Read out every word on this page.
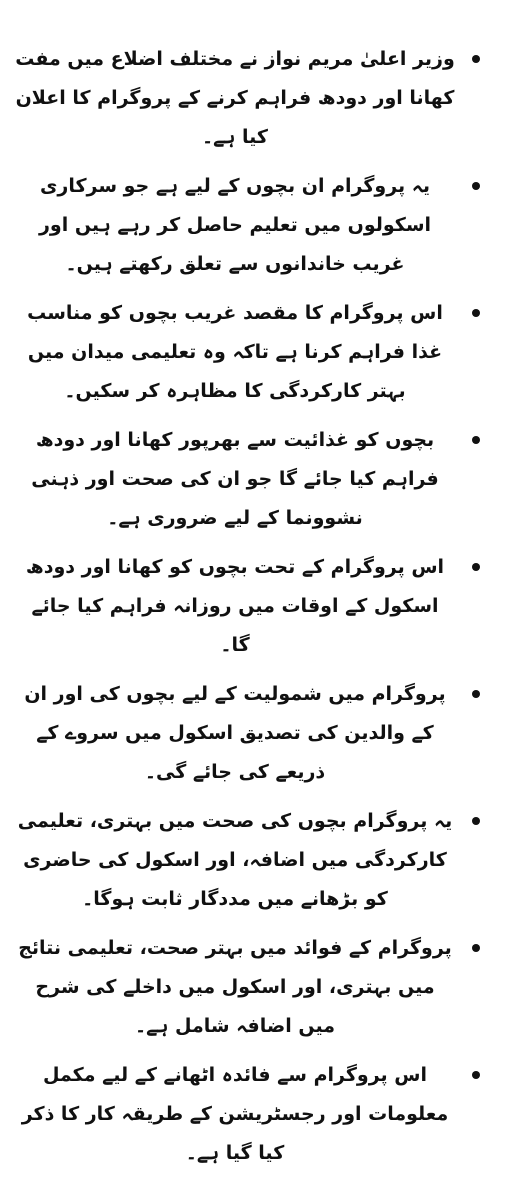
وزیر اعلیٰ مریم نواز نے مختلف اضلاع میں مفت کھانا اور دودھ فراہم کرنے کے پروگرام کا اعلان کیا ہے۔
یہ پروگرام ان بچوں کے لیے ہے جو سرکاری اسکولوں میں تعلیم حاصل کر رہے ہیں اور غریب خاندانوں سے تعلق رکھتے ہیں۔
اس پروگرام کا مقصد غریب بچوں کو مناسب غذا فراہم کرنا ہے تاکہ وہ تعلیمی میدان میں بہتر کارکردگی کا مظاہرہ کر سکیں۔
بچوں کو غذائیت سے بھرپور کھانا اور دودھ فراہم کیا جائے گا جو ان کی صحت اور ذہنی نشوونما کے لیے ضروری ہے۔
اس پروگرام کے تحت بچوں کو کھانا اور دودھ اسکول کے اوقات میں روزانہ فراہم کیا جائے گا۔
پروگرام میں شمولیت کے لیے بچوں کی اور ان کے والدین کی تصدیق اسکول میں سروے کے ذریعے کی جائے گی۔
یہ پروگرام بچوں کی صحت میں بہتری، تعلیمی کارکردگی میں اضافہ، اور اسکول کی حاضری کو بڑھانے میں مددگار ثابت ہوگا۔
پروگرام کے فوائد میں بہتر صحت، تعلیمی نتائج میں بہتری، اور اسکول میں داخلے کی شرح میں اضافہ شامل ہے۔
اس پروگرام سے فائدہ اٹھانے کے لیے مکمل معلومات اور رجسٹریشن کے طریقہ کار کا ذکر کیا گیا ہے۔
